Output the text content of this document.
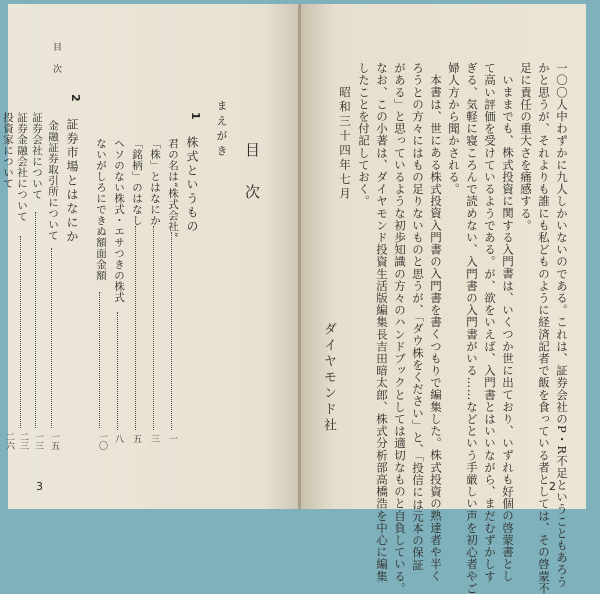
目　次
目　次
まえがき
1
株式というもの
君の名は“株式会社”
一
「株」とはなにか
三
「銘柄」のはなし
五
ヘソのない株式・エサつきの株式
八
ないがしろにできぬ額面金額
一〇
2
証券市場とはなにか
金融証券取引所について
一五
証券会社について
一三
証券金融会社について
二三
投資家について
二六
3	一〇〇人中わずかに九人しかいないのである。これは、証券会社のP・R不足ということもあろう
かと思うが、それよりも誰にも私どものように経済記者で飯を食っている者としては、その啓蒙不
足に責任の重大さを痛感する。
いままでも、株式投資に関する入門書は、いくつか世に出ており、いずれも好個の啓蒙書とし
て高い評価を受けているようである。が、欲をいえば、入門書とはいいながら、まだむずかしす
ぎる、気軽に寝ころんで読めない、入門書の入門書がいる……などという手厳しい声を初心者やご
婦人方から聞かされる。
本書は、世にある株式投資入門書の入門書を書くつもりで編集した。株式投資の熟達者や半く
ろうとの方々にはもの足りないものと思うが、「ダウ株をください」と、「投信には元本の保証
がある」と思っているような初歩知識の方々のハンドブックとしては適切なものと自負している。
なお、この小著は、ダイヤモンド投資生活版編集長吉田暗太郎、株式分析部高橋浩を中心に編集
したことを付記しておく。
昭和三十四年七月
ダイヤモンド社
2
